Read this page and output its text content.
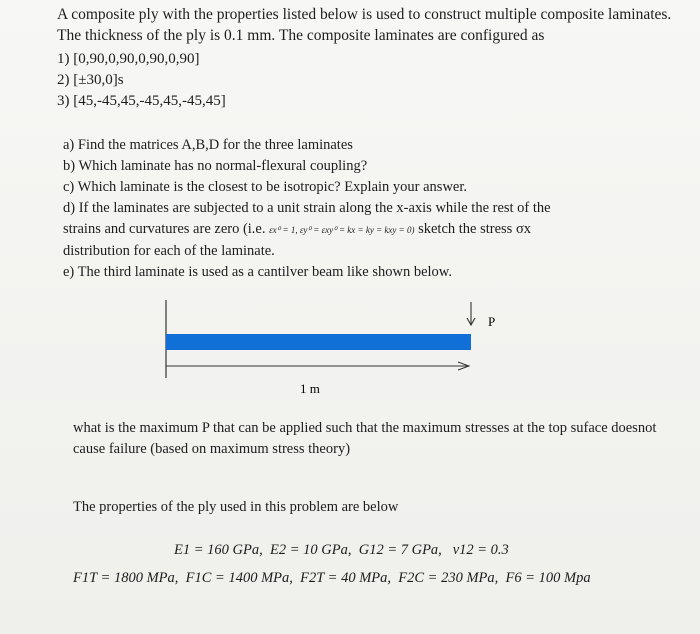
A composite ply with the properties listed below is used to construct multiple composite laminates. The thickness of the ply is 0.1 mm. The composite laminates are configured as

1) [0,90,0,90,0,90,0,90]
2) [±30,0]s
3) [45,-45,45,-45,45,-45,45]
a) Find the matrices A,B,D for the three laminates
b) Which laminate has no normal-flexural coupling?
c) Which laminate is the closest to be isotropic? Explain your answer.
d) If the laminates are subjected to a unit strain along the x-axis while the rest of the
strains and curvatures are zero (i.e. εx⁰ = 1, εy⁰ = εxy⁰ = kx = ky = kxy = 0) sketch the stress σx
distribution for each of the laminate.
e) The third laminate is used as a cantilver beam like shown below.
P
1 m
what is the maximum P that can be applied such that the maximum stresses at the top suface doesnot cause failure (based on maximum stress theory)
The properties of the ply used in this problem are below
E1 = 160 GPa, E2 = 10 GPa, G12 = 7 GPa, ν12 = 0.3
F1T = 1800 MPa, F1C = 1400 MPa, F2T = 40 MPa, F2C = 230 MPa, F6 = 100 Mpa
